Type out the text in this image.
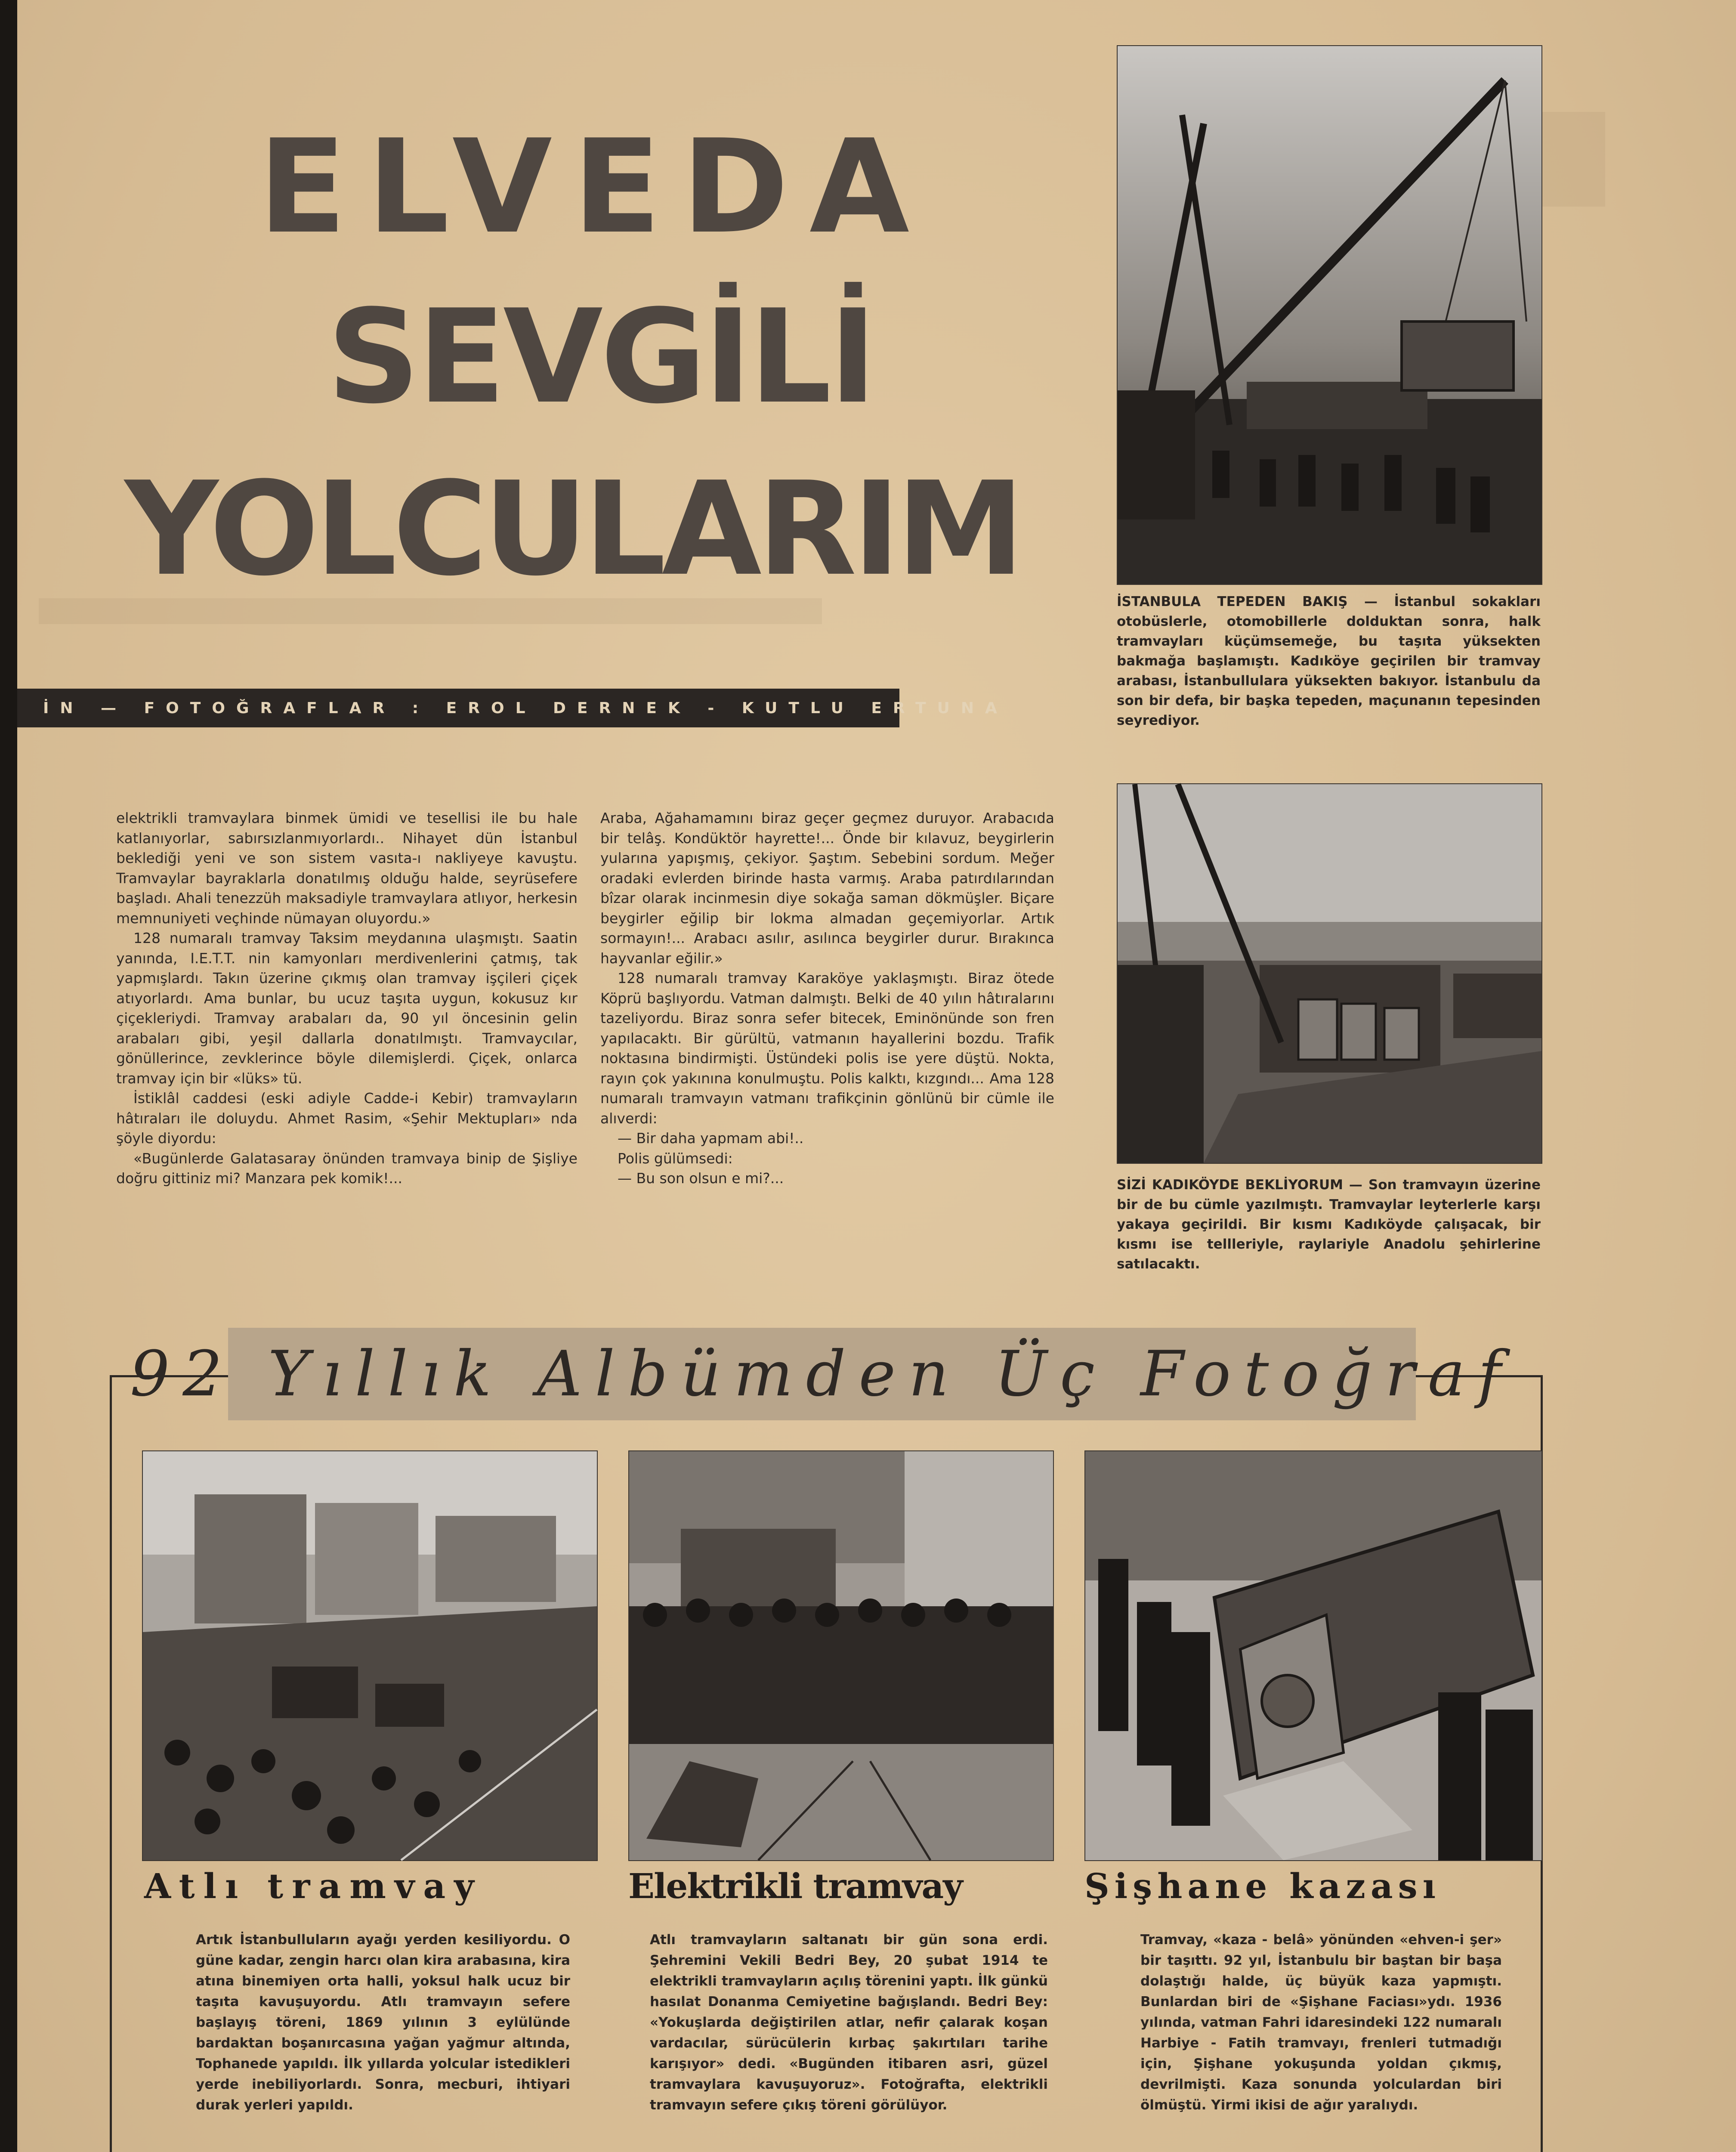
ELVEDA
SEVGİLİ
YOLCULARIM
İN — FOTOĞRAFLAR : EROL DERNEK - KUTLU ERTUNA
İSTANBULA TEPEDEN BAKIŞ — İstanbul sokakları otobüslerle, otomobillerle dolduktan sonra, halk tramvayları küçümsemeğe, bu taşıta yüksekten bakmağa başlamıştı. Kadıköye geçirilen bir tramvay arabası, İstanbullulara yüksekten bakıyor. İstanbulu da son bir defa, bir başka tepeden, maçunanın tepesinden seyrediyor.
SİZİ KADIKÖYDE BEKLİYORUM — Son tramvayın üzerine bir de bu cümle yazılmıştı. Tramvaylar leyterlerle karşı yakaya geçirildi. Bir kısmı Kadıköyde çalışacak, bir kısmı ise tellleriyle, raylariyle Anadolu şehirlerine satılacaktı.

elektrikli tramvaylara binmek ümidi ve tesellisi ile bu hale katlanıyorlar, sabırsızlanmıyorlardı.. Nihayet dün İstanbul beklediği yeni ve son sistem vasıta-ı nakliyeye kavuştu. Tramvaylar bayraklarla donatılmış olduğu halde, seyrüsefere başladı. Ahali tenezzüh maksadiyle tramvaylara atlıyor, herkesin memnuniyeti veçhinde nümayan oluyordu.»

128 numaralı tramvay Taksim meydanına ulaşmıştı. Saatin yanında, I.E.T.T. nin kamyonları merdivenlerini çatmış, tak yapmışlardı. Takın üzerine çıkmış olan tramvay işçileri çiçek atıyorlardı. Ama bunlar, bu ucuz taşıta uygun, kokusuz kır çiçekleriydi. Tramvay arabaları da, 90 yıl öncesinin gelin arabaları gibi, yeşil dallarla donatılmıştı. Tramvaycılar, gönüllerince, zevklerince böyle dilemişlerdi. Çiçek, onlarca tramvay için bir «lüks» tü.

İstiklâl caddesi (eski adiyle Cadde-i Kebir) tramvayların hâtıraları ile doluydu. Ahmet Rasim, «Şehir Mektupları» nda şöyle diyordu:

«Bugünlerde Galatasaray önünden tramvaya binip de Şişliye doğru gittiniz mi? Manzara pek komik!...

Araba, Ağahamamını biraz geçer geçmez duruyor. Arabacıda bir telâş. Kondüktör hayrette!... Önde bir kılavuz, beygirlerin yularına yapışmış, çekiyor. Şaştım. Sebebini sordum. Meğer oradaki evlerden birinde hasta varmış. Araba patırdılarından bîzar olarak incinmesin diye sokağa saman dökmüşler. Biçare beygirler eğilip bir lokma almadan geçemiyorlar. Artık sormayın!... Arabacı asılır, asılınca beygirler durur. Bırakınca hayvanlar eğilir.»

128 numaralı tramvay Karaköye yaklaşmıştı. Biraz ötede Köprü başlıyordu. Vatman dalmıştı. Belki de 40 yılın hâtıralarını tazeliyordu. Biraz sonra sefer bitecek, Eminönünde son fren yapılacaktı. Bir gürültü, vatmanın hayallerini bozdu. Trafik noktasına bindirmişti. Üstündeki polis ise yere düştü. Nokta, rayın çok yakınına konulmuştu. Polis kalktı, kızgındı... Ama 128 numaralı tramvayın vatmanı trafikçinin gönlünü bir cümle ile alıverdi:

— Bir daha yapmam abi!..

Polis gülümsedi:

— Bu son olsun e mi?...

92 Yıllık Albümden Üç Fotoğraf
Atlı tramvay	Elektrikli tramvay	Şişhane kazası
Artık İstanbulluların ayağı yerden kesiliyordu. O güne kadar, zengin harcı olan kira arabasına, kira atına binemiyen orta halli, yoksul halk ucuz bir taşıta kavuşuyordu. Atlı tramvayın sefere başlayış töreni, 1869 yılının 3 eylülünde bardaktan boşanırcasına yağan yağmur altında, Tophanede yapıldı. İlk yıllarda yolcular istedikleri yerde inebiliyorlardı. Sonra, mecburi, ihtiyari durak yerleri yapıldı.
Atlı tramvayların saltanatı bir gün sona erdi. Şehremini Vekili Bedri Bey, 20 şubat 1914 te elektrikli tramvayların açılış törenini yaptı. İlk günkü hasılat Donanma Cemiyetine bağışlandı. Bedri Bey: «Yokuşlarda değiştirilen atlar, nefir çalarak koşan vardacılar, sürücülerin kırbaç şakırtıları tarihe karışıyor» dedi. «Bugünden itibaren asri, güzel tramvaylara kavuşuyoruz». Fotoğrafta, elektrikli tramvayın sefere çıkış töreni görülüyor.
Tramvay, «kaza - belâ» yönünden «ehven-i şer» bir taşıttı. 92 yıl, İstanbulu bir baştan bir başa dolaştığı halde, üç büyük kaza yapmıştı. Bunlardan biri de «Şişhane Faciası»ydı. 1936 yılında, vatman Fahri idaresindeki 122 numaralı Harbiye - Fatih tramvayı, frenleri tutmadığı için, Şişhane yokuşunda yoldan çıkmış, devrilmişti. Kaza sonunda yolculardan biri ölmüştü. Yirmi ikisi de ağır yaralıydı.
